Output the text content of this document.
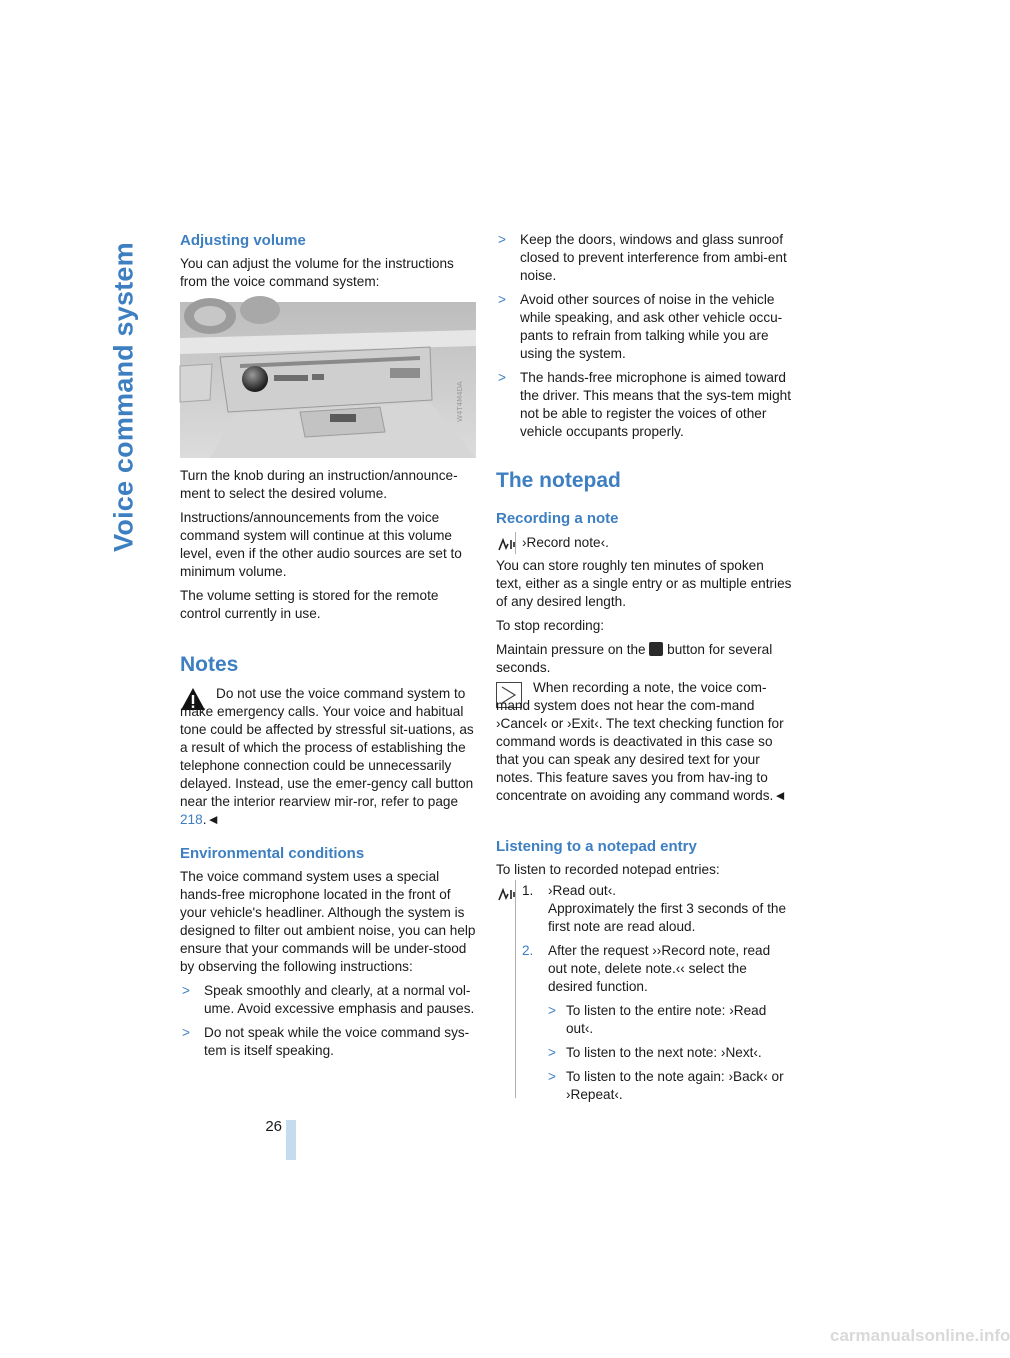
Voice command system
Adjusting volume

You can adjust the volume for the instructions from the voice command system:

W4T4M4DA

Turn the knob during an instruction/announce-ment to select the desired volume.

Instructions/announcements from the voice command system will continue at this volume level, even if the other audio sources are set to minimum volume.

The volume setting is stored for the remote control currently in use.

Notes

Do not use the voice command system to make emergency calls. Your voice and habitual tone could be affected by stressful sit-uations, as a result of which the process of establishing the telephone connection could be unnecessarily delayed. Instead, use the emer-gency call button near the interior rearview mir-ror, refer to page 218.◄

Environmental conditions

The voice command system uses a special hands-free microphone located in the front of your vehicle's headliner. Although the system is designed to filter out ambient noise, you can help ensure that your commands will be under-stood by observing the following instructions:

> Speak smoothly and clearly, at a normal vol-ume. Avoid excessive emphasis and pauses.
> Do not speak while the voice command sys-tem is itself speaking.
> Keep the doors, windows and glass sunroof closed to prevent interference from ambi-ent noise.
> Avoid other sources of noise in the vehicle while speaking, and ask other vehicle occu-pants to refrain from talking while you are using the system.
> The hands-free microphone is aimed toward the driver. This means that the sys-tem might not be able to register the voices of other vehicle occupants properly.
The notepad
Recording a note
›Record note‹.

You can store roughly ten minutes of spoken text, either as a single entry or as multiple entries of any desired length.

To stop recording:

Maintain pressure on the  button for several seconds.

When recording a note, the voice com-mand system does not hear the com-mand ›Cancel‹ or ›Exit‹. The text checking function for command words is deactivated in this case so that you can speak any desired text for your notes. This feature saves you from hav-ing to concentrate on avoiding any command words.◄

Listening to a notepad entry

To listen to recorded notepad entries:

1. ›Read out‹.
Approximately the first 3 seconds of the first note are read aloud.
2. After the request ››Record note, read out note, delete note.‹‹ select the desired function.
> To listen to the entire note: ›Read out‹.
> To listen to the next note: ›Next‹.
> To listen to the note again: ›Back‹ or ›Repeat‹.
26
carmanualsonline.info
